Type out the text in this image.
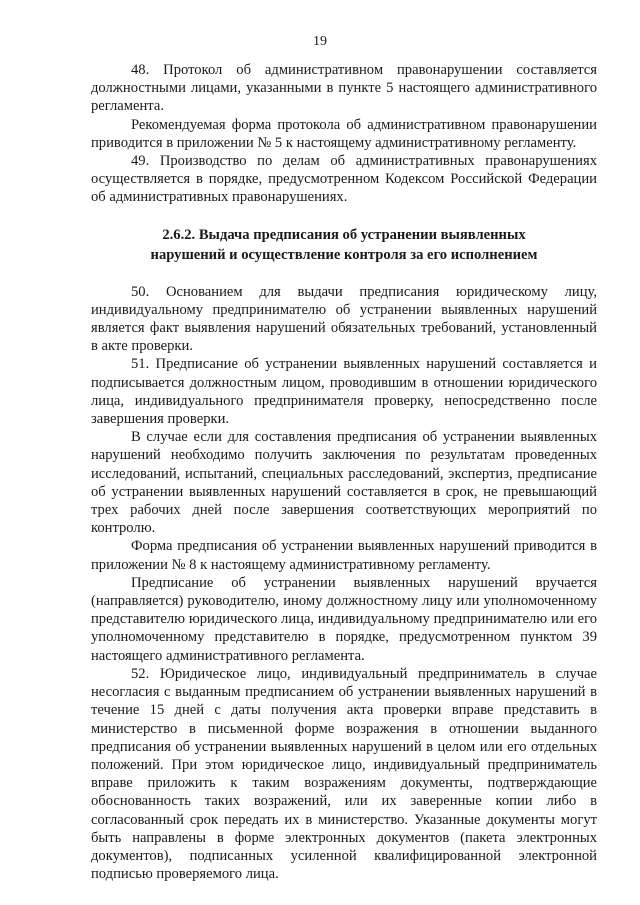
19

48. Протокол об административном правонарушении составляется должностными лицами, указанными в пункте 5 настоящего административного регламента.

Рекомендуемая форма протокола об административном правонарушении приводится в приложении № 5 к настоящему административному регламенту.

49. Производство по делам об административных правонарушениях осуществляется в порядке, предусмотренном Кодексом Российской Федерации об административных правонарушениях.

2.6.2. Выдача предписания об устранении выявленных
нарушений и осуществление контроля за его исполнением

50. Основанием для выдачи предписания юридическому лицу, индивидуальному предпринимателю об устранении выявленных нарушений является факт выявления нарушений обязательных требований, установленный в акте проверки.

51. Предписание об устранении выявленных нарушений составляется и подписывается должностным лицом, проводившим в отношении юридического лица, индивидуального предпринимателя проверку, непосредственно после завершения проверки.

В случае если для составления предписания об устранении выявленных нарушений необходимо получить заключения по результатам проведенных исследований, испытаний, специальных расследований, экспертиз, предписание об устранении выявленных нарушений составляется в срок, не превышающий трех рабочих дней после завершения соответствующих мероприятий по контролю.

Форма предписания об устранении выявленных нарушений приводится в приложении № 8 к настоящему административному регламенту.

Предписание об устранении выявленных нарушений вручается (направляется) руководителю, иному должностному лицу или уполномоченному представителю юридического лица, индивидуальному предпринимателю или его уполномоченному представителю в порядке, предусмотренном пунктом 39 настоящего административного регламента.

52. Юридическое лицо, индивидуальный предприниматель в случае несогласия с выданным предписанием об устранении выявленных нарушений в течение 15 дней с даты получения акта проверки вправе представить в министерство в письменной форме возражения в отношении выданного предписания об устранении выявленных нарушений в целом или его отдельных положений. При этом юридическое лицо, индивидуальный предприниматель вправе приложить к таким возражениям документы, подтверждающие обоснованность таких возражений, или их заверенные копии либо в согласованный срок передать их в министерство. Указанные документы могут быть направлены в форме электронных документов (пакета электронных документов), подписанных усиленной квалифицированной электронной подписью проверяемого лица.
